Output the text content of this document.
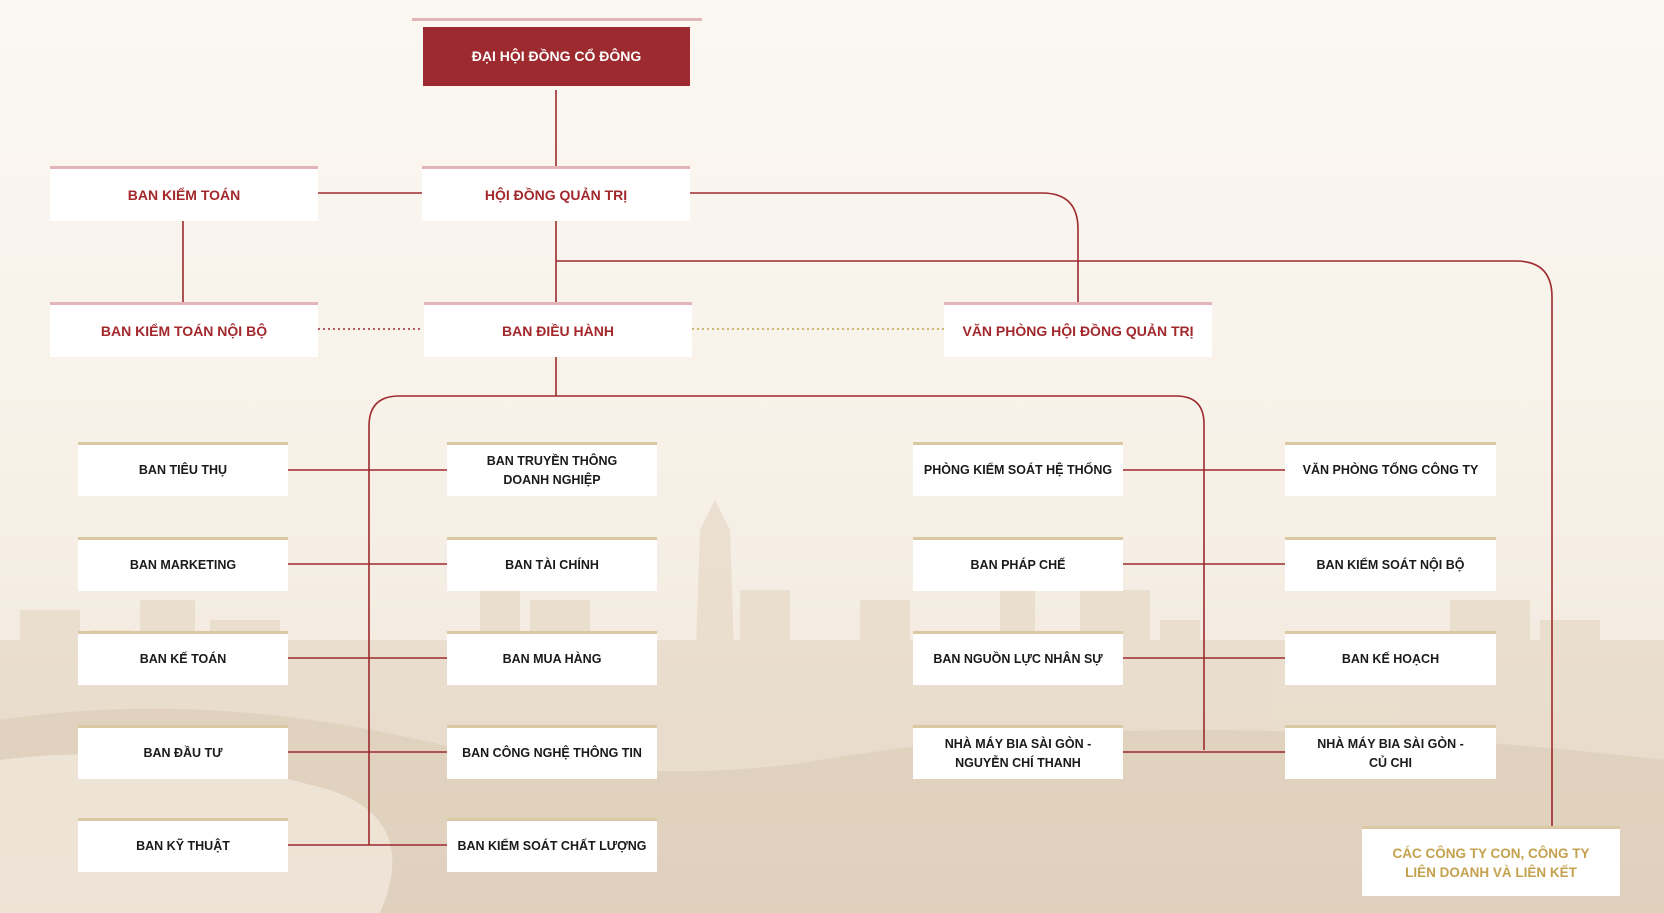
ĐẠI HỘI ĐỒNG CỔ ĐÔNG
BAN KIỂM TOÁN	HỘI ĐỒNG QUẢN TRỊ
BAN KIỂM TOÁN NỘI BỘ	BAN ĐIỀU HÀNH	VĂN PHÒNG HỘI ĐỒNG QUẢN TRỊ
BAN TIÊU THỤ
BAN MARKETING
BAN KẾ TOÁN
BAN ĐẦU TƯ
BAN KỸ THUẬT
BAN TRUYỀN THÔNG DOANH NGHIỆP
BAN TÀI CHÍNH
BAN MUA HÀNG
BAN CÔNG NGHỆ THÔNG TIN
BAN KIỂM SOÁT CHẤT LƯỢNG
PHÒNG KIỂM SOÁT HỆ THỐNG
BAN PHÁP CHẾ
BAN NGUỒN LỰC NHÂN SỰ
NHÀ MÁY BIA SÀI GÒN - NGUYỄN CHÍ THANH
VĂN PHÒNG TỔNG CÔNG TY
BAN KIỂM SOÁT NỘI BỘ
BAN KẾ HOẠCH
NHÀ MÁY BIA SÀI GÒN - CỦ CHI
CÁC CÔNG TY CON, CÔNG TY LIÊN DOANH VÀ LIÊN KẾT
